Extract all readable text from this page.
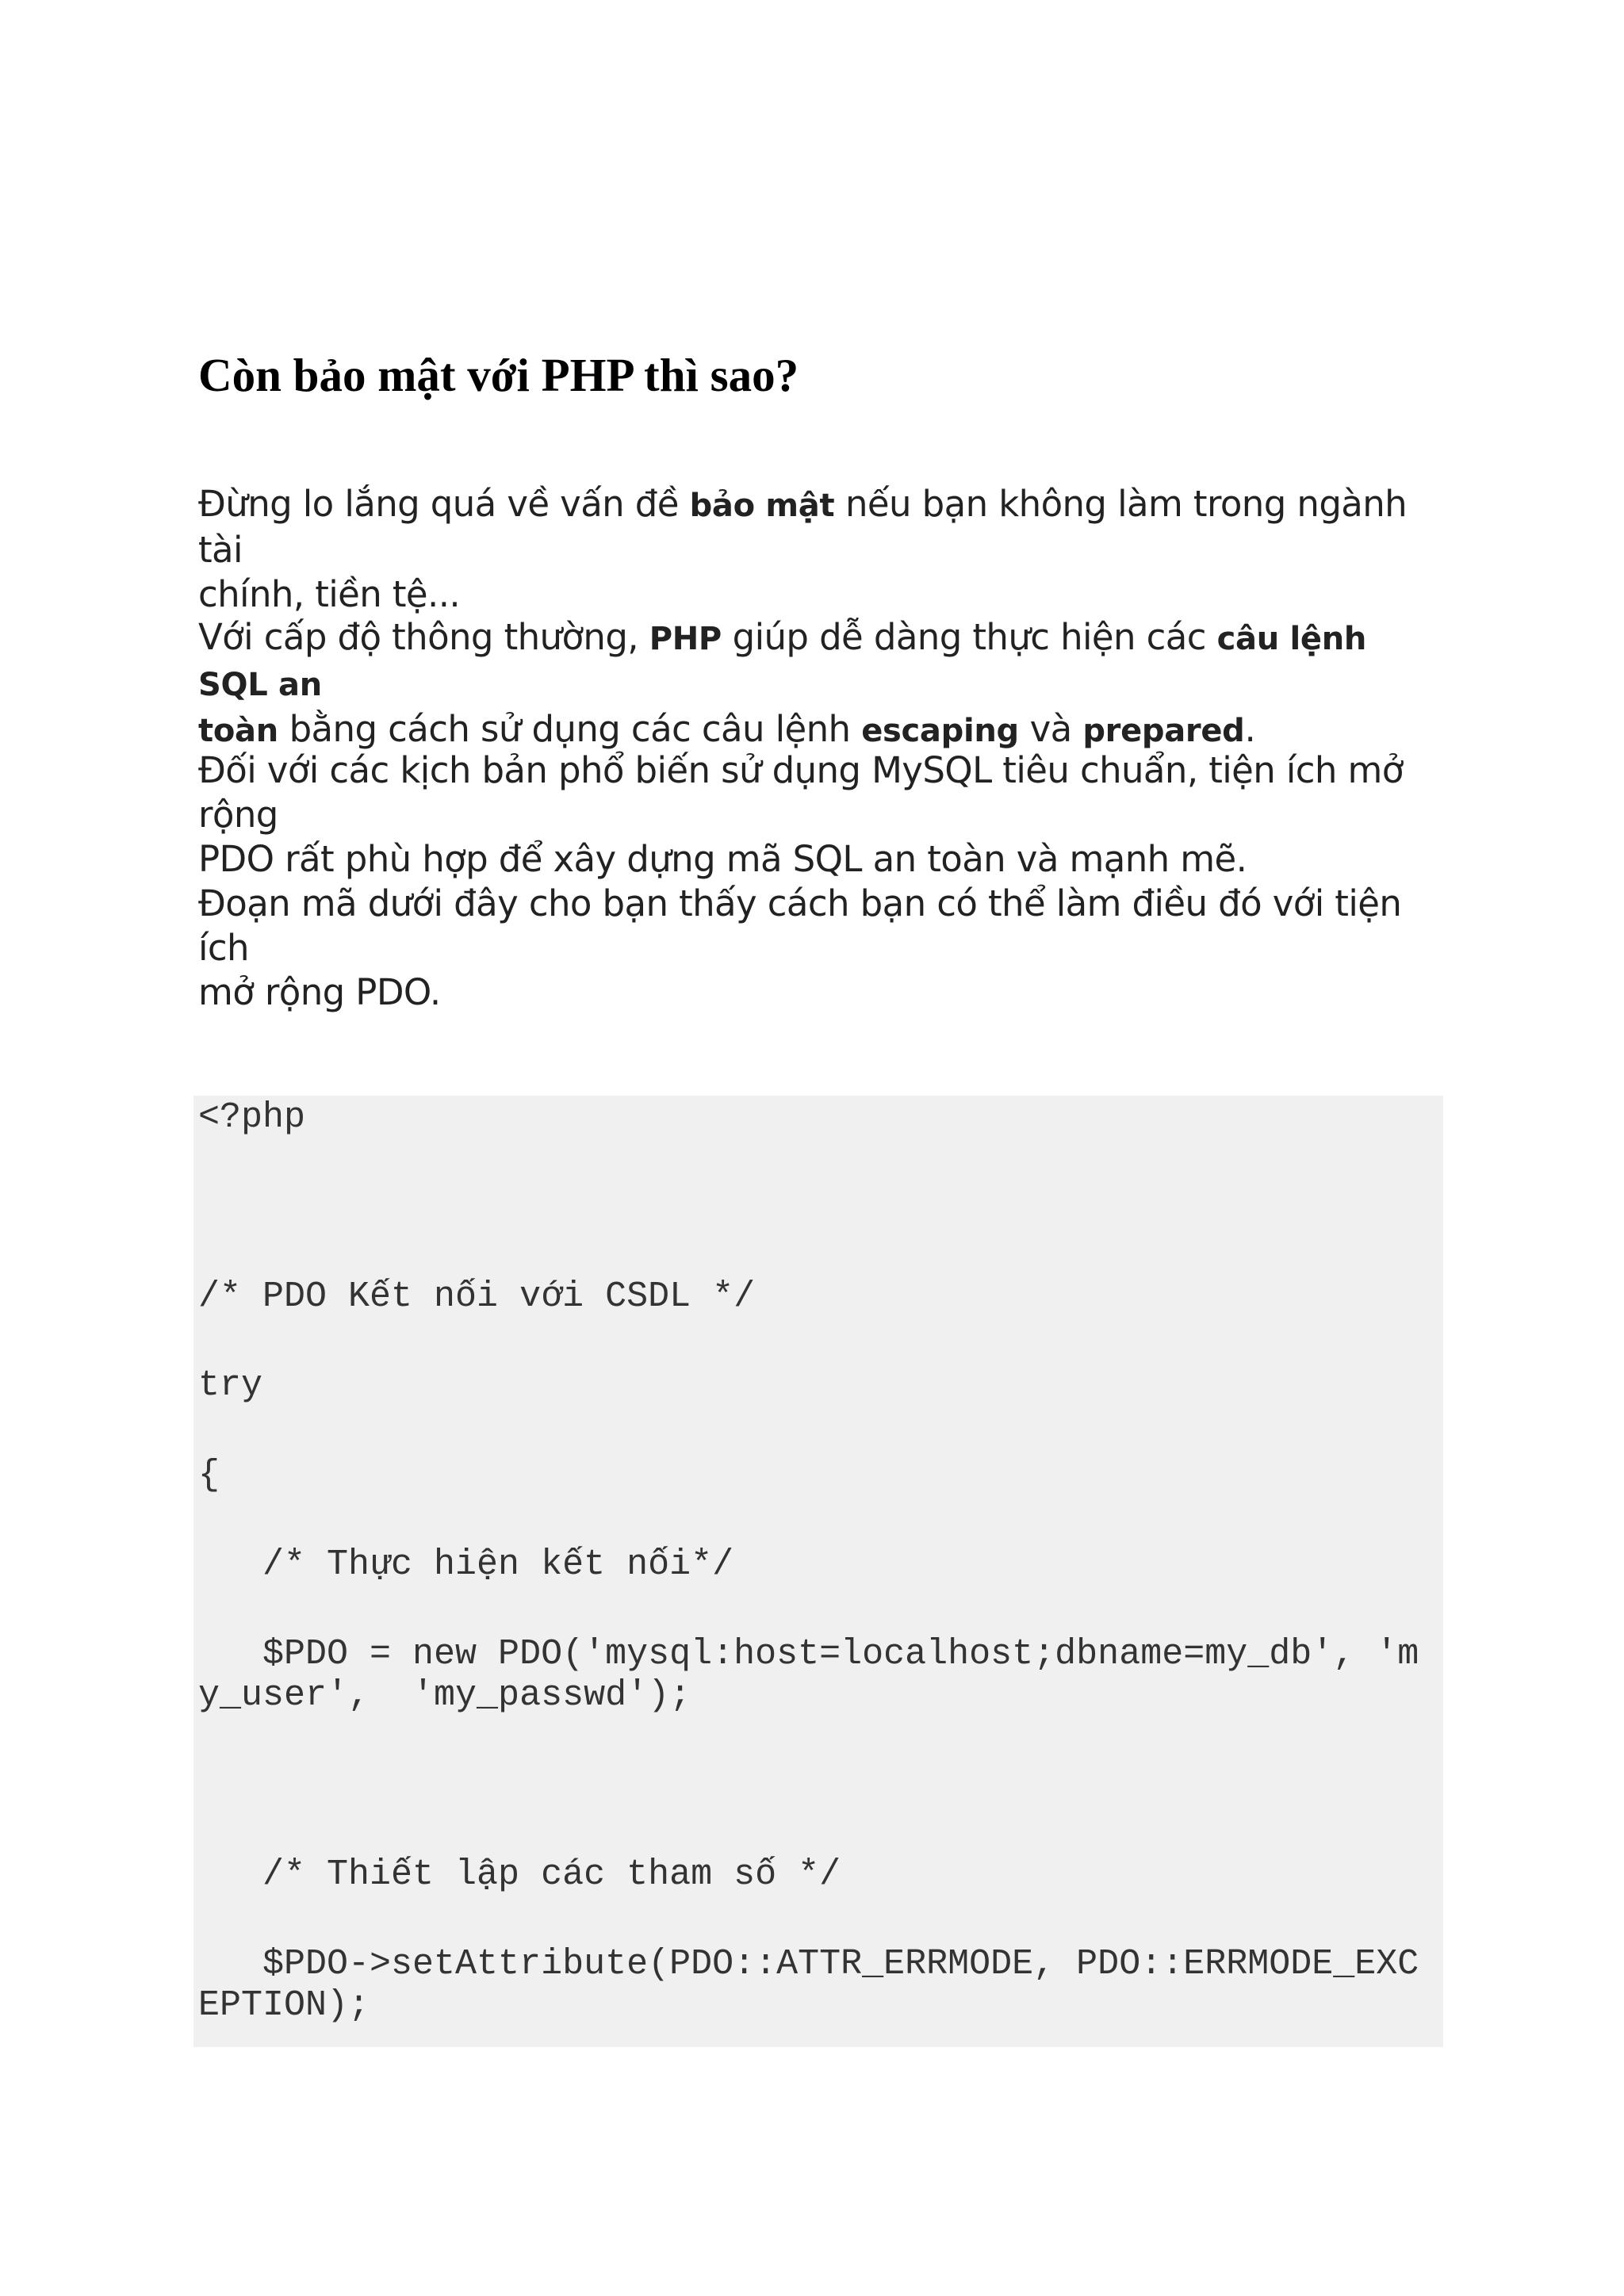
Còn bảo mật với PHP thì sao?

Đừng lo lắng quá về vấn đề bảo mật nếu bạn không làm trong ngành tài
chính, tiền tệ...

Với cấp độ thông thường, PHP giúp dễ dàng thực hiện các câu lệnh SQL an
toàn bằng cách sử dụng các câu lệnh escaping và prepared.

Đối với các kịch bản phổ biến sử dụng MySQL tiêu chuẩn, tiện ích mở rộng
PDO rất phù hợp để xây dựng mã SQL an toàn và mạnh mẽ.

Đoạn mã dưới đây cho bạn thấy cách bạn có thể làm điều đó với tiện ích
mở rộng PDO.

<?php
/* PDO Kết nối với CSDL */
try
{
/* Thực hiện kết nối*/
$PDO = new PDO('mysql:host=localhost;dbname=my_db', 'm
y_user',  'my_passwd');
/* Thiết lập các tham số */
$PDO->setAttribute(PDO::ATTR_ERRMODE, PDO::ERRMODE_EXC
EPTION);
